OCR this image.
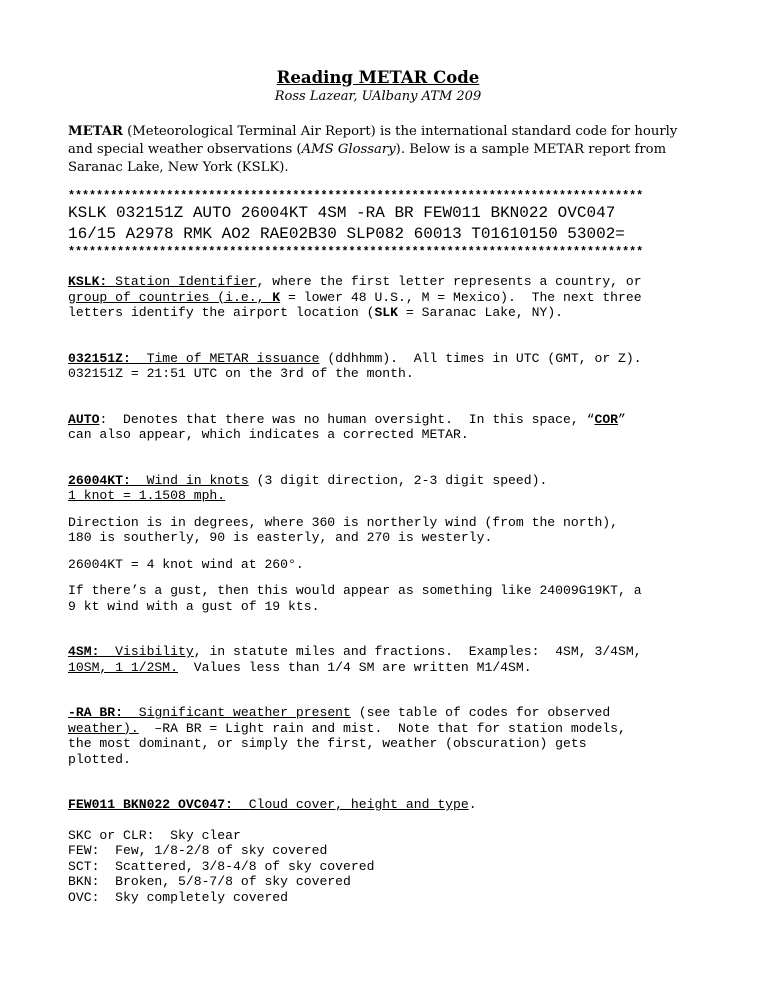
Reading METAR Code

Ross Lazear, UAlbany ATM 209

METAR (Meteorological Terminal Air Report) is the international standard code for hourly and special weather observations (AMS Glossary). Below is a sample METAR report from Saranac Lake, New York (KSLK).

**********************************************************************************
KSLK 032151Z AUTO 26004KT 4SM -RA BR FEW011 BKN022 OVC047
16/15 A2978 RMK AO2 RAE02B30 SLP082 60013 T01610150 53002=
**********************************************************************************
KSLK: Station Identifier, where the first letter represents a country, or
group of countries (i.e., K = lower 48 U.S., M = Mexico).  The next three
letters identify the airport location (SLK = Saranac Lake, NY).
032151Z: Time of METAR issuance (ddhhmm).  All times in UTC (GMT, or Z).
032151Z = 21:51 UTC on the 3rd of the month.
AUTO:  Denotes that there was no human oversight.  In this space, “COR”
can also appear, which indicates a corrected METAR.
26004KT: Wind in knots (3 digit direction, 2-3 digit speed).
1 knot = 1.1508 mph.
Direction is in degrees, where 360 is northerly wind (from the north),
180 is southerly, 90 is easterly, and 270 is westerly.
26004KT = 4 knot wind at 260°.
If there’s a gust, then this would appear as something like 24009G19KT, a
9 kt wind with a gust of 19 kts.
4SM: Visibility, in statute miles and fractions.  Examples:  4SM, 3/4SM,
10SM, 1 1/2SM.  Values less than 1/4 SM are written M1/4SM.
-RA BR: Significant weather present (see table of codes for observed
weather).  –RA BR = Light rain and mist.  Note that for station models,
the most dominant, or simply the first, weather (obscuration) gets
plotted.
FEW011 BKN022 OVC047: Cloud cover, height and type.
SKC or CLR:  Sky clear
FEW:  Few, 1/8-2/8 of sky covered
SCT:  Scattered, 3/8-4/8 of sky covered
BKN:  Broken, 5/8-7/8 of sky covered
OVC:  Sky completely covered
